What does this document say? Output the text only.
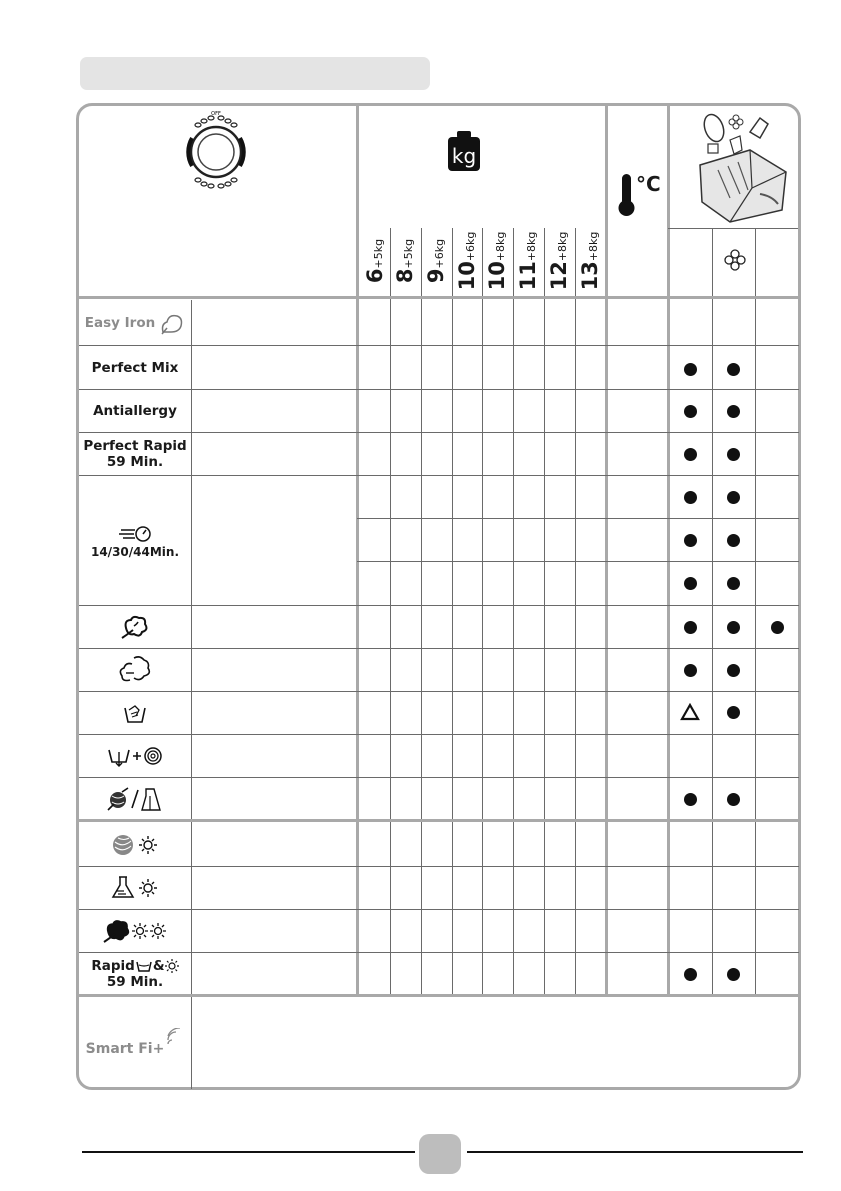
OFF
kg
°C
6+5kg
8+5kg
9+6kg
10+6kg
10+8kg
11+8kg
12+8kg
13+8kg
Easy Iron
Perfect Mix
Antiallergy
Perfect Rapid
59 Min.
14/30/44Min.
Rapid &
59 Min.
Smart Fi+
